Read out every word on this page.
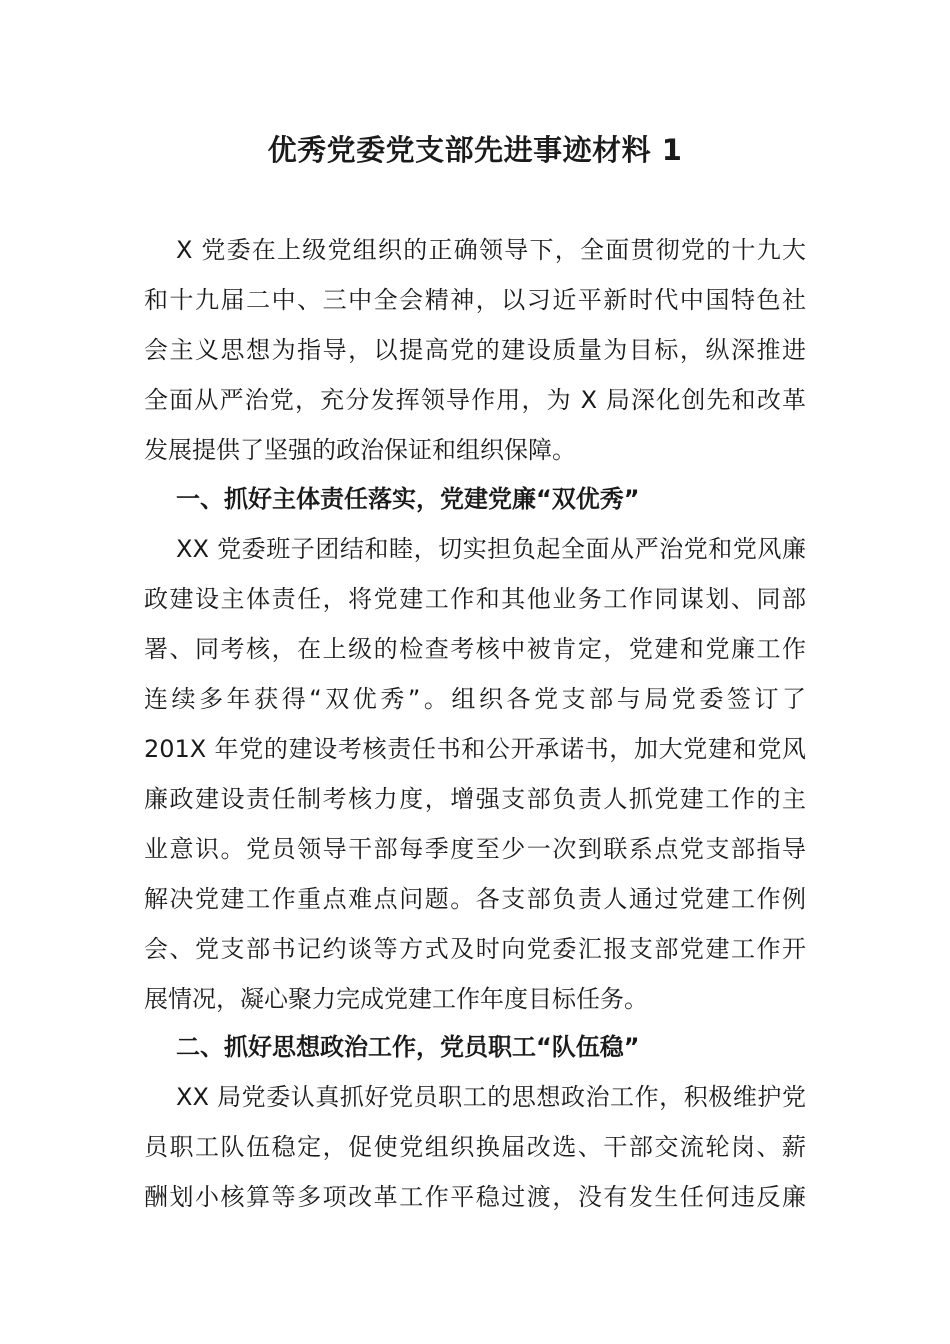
优秀党委党支部先进事迹材料 1
X 党委在上级党组织的正确领导下，全面贯彻党的十九大
和十九届二中、三中全会精神，以习近平新时代中国特色社
会主义思想为指导，以提高党的建设质量为目标，纵深推进
全面从严治党，充分发挥领导作用，为 X 局深化创先和改革
发展提供了坚强的政治保证和组织保障。
一、抓好主体责任落实，党建党廉“双优秀”
XX 党委班子团结和睦，切实担负起全面从严治党和党风廉
政建设主体责任，将党建工作和其他业务工作同谋划、同部
署、同考核，在上级的检查考核中被肯定，党建和党廉工作
连续多年获得“双优秀”。组织各党支部与局党委签订了
201X 年党的建设考核责任书和公开承诺书，加大党建和党风
廉政建设责任制考核力度，增强支部负责人抓党建工作的主
业意识。党员领导干部每季度至少一次到联系点党支部指导
解决党建工作重点难点问题。各支部负责人通过党建工作例
会、党支部书记约谈等方式及时向党委汇报支部党建工作开
展情况，凝心聚力完成党建工作年度目标任务。
二、抓好思想政治工作，党员职工“队伍稳”
XX 局党委认真抓好党员职工的思想政治工作，积极维护党
员职工队伍稳定，促使党组织换届改选、干部交流轮岗、薪
酬划小核算等多项改革工作平稳过渡，没有发生任何违反廉
